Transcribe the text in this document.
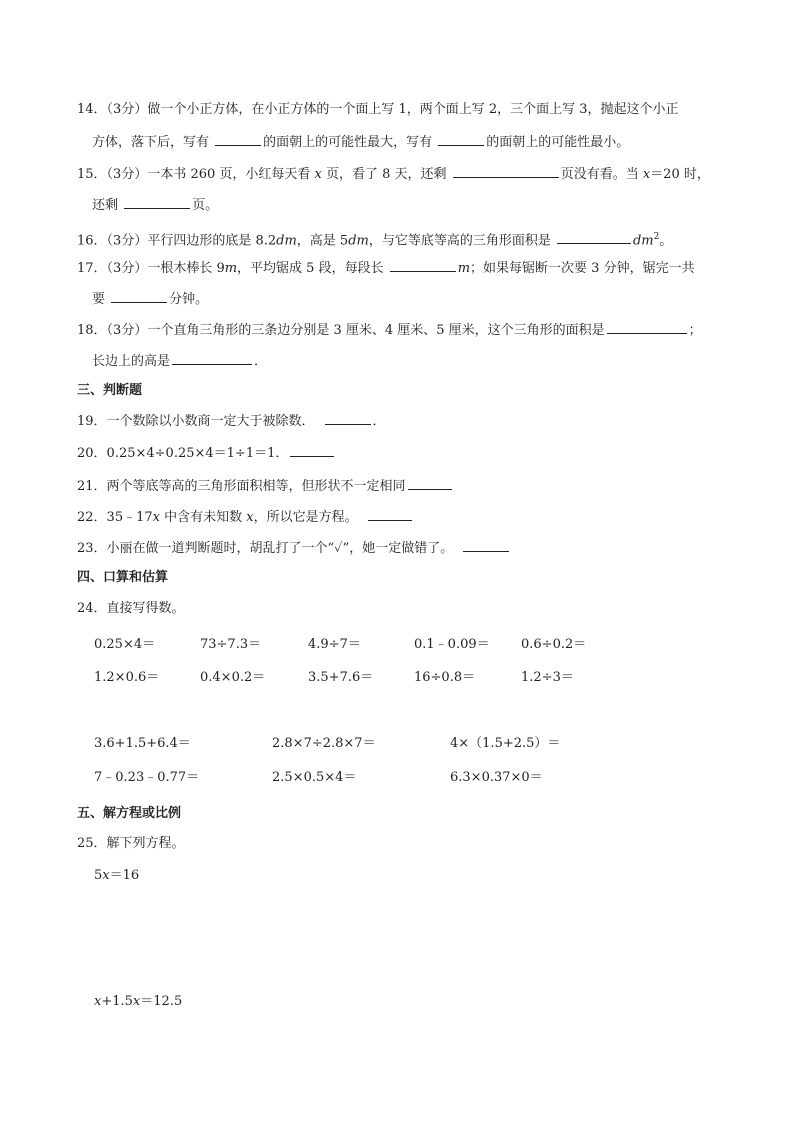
14．（3分）做一个小正方体，在小正方体的一个面上写 1，两个面上写 2，三个面上写 3，抛起这个小正
方体，落下后，写有	的面朝上的可能性最大，写有	的面朝上的可能性最小。
15．（3分）一本书 260 页，小红每天看 x 页，看了 8 天，还剩	页没有看。当 x＝20 时，
还剩	页。
16．（3分）平行四边形的底是 8.2dm，高是 5dm，与它等底等高的三角形面积是	$dm^2$。
17．（3分）一根木棒长 9m，平均锯成 5 段，每段长	m；如果每锯断一次要 3 分钟，锯完一共
要	分钟。
18．（3分）一个直角三角形的三条边分别是 3 厘米、4 厘米、5 厘米，这个三角形的面积是	；
长边上的高是	．
三、判断题
19．一个数除以小数商一定大于被除数．	．
20．0.25×4÷0.25×4＝1÷1＝1．
21．两个等底等高的三角形面积相等，但形状不一定相同
22．35﹣17x 中含有未知数 x，所以它是方程。
23．小丽在做一道判断题时，胡乱打了一个“✓”，她一定做错了。
四、口算和估算
24．直接写得数。
0.25×4＝	73÷7.3＝	4.9÷7＝	0.1﹣0.09＝ 0.6÷0.2＝
1.2×0.6＝	0.4×0.2＝	3.5+7.6＝	16÷0.8＝	1.2÷3＝
3.6+1.5+6.4＝	2.8×7÷2.8×7＝	4×（1.5+2.5）＝
7﹣0.23﹣0.77＝	2.5×0.5×4＝	6.3×0.37×0＝
五、解方程或比例
25．解下列方程。
5x＝16
x+1.5x＝12.5
